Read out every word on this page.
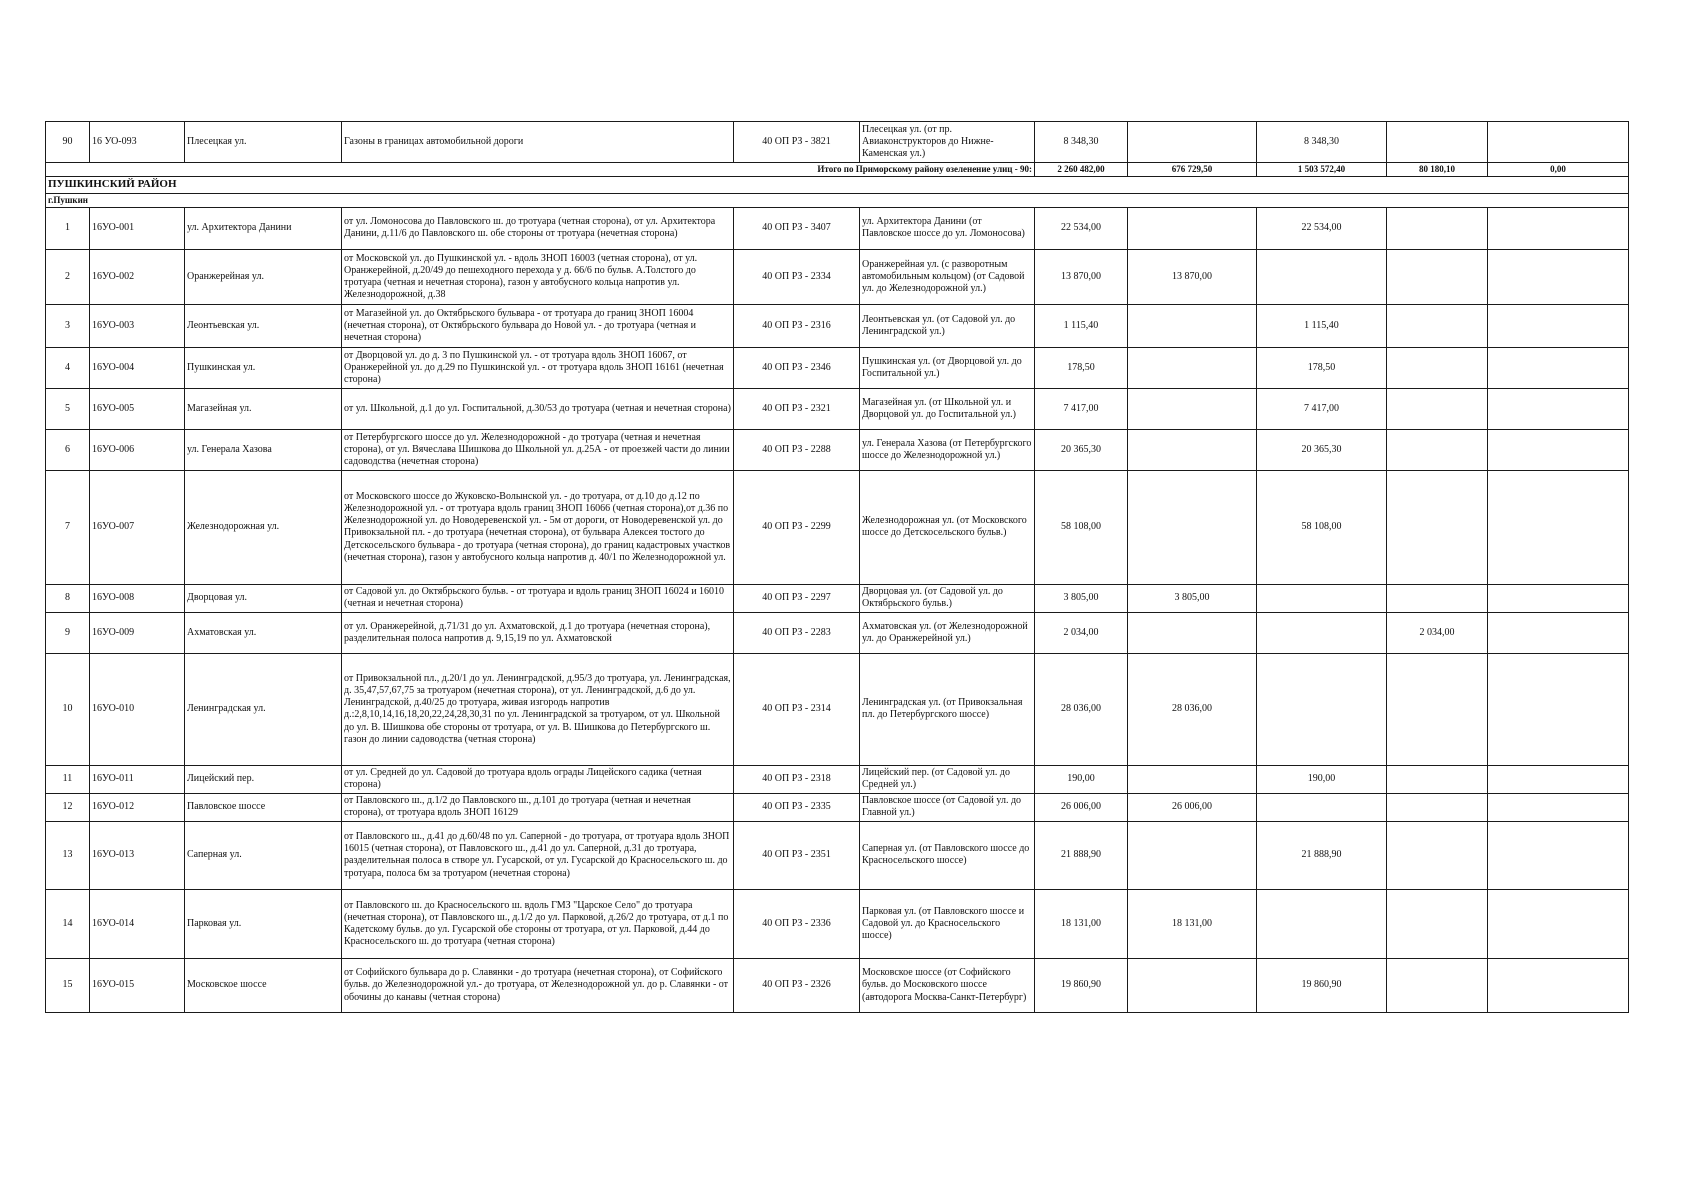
90	16 УО-093	Плесецкая ул.	Газоны в границах автомобильной дороги	40 ОП РЗ - 3821	Плесецкая ул. (от пр. Авиаконструкторов до Нижне-Каменская ул.)	8 348,30		8 348,30		
Итого по Приморскому району озеленение улиц - 90:						2 260 482,00	676 729,50	1 503 572,40	80 180,10	0,00
ПУШКИНСКИЙ РАЙОН										
г.Пушкин										
1	16УО-001	ул. Архитектора Данини	от ул. Ломоносова до Павловского ш. до тротуара (четная сторона), от ул. Архитектора Данини, д.11/6 до Павловского ш. обе стороны от тротуара (нечетная сторона)	40 ОП РЗ - 3407	ул. Архитектора Данини (от Павловское шоссе до ул. Ломоносова)	22 534,00		22 534,00		
2	16УО-002	Оранжерейная ул.	от Московской ул. до Пушкинской ул. - вдоль ЗНОП 16003 (четная сторона), от ул. Оранжерейной, д.20/49 до пешеходного перехода у д. 66/6 по бульв. А.Толстого до тротуара (четная и нечетная сторона), газон у автобусного кольца напротив ул. Железнодорожной, д.38	40 ОП РЗ - 2334	Оранжерейная ул. (с разворотным автомобильным кольцом) (от Садовой ул. до Железнодорожной ул.)	13 870,00	13 870,00			
3	16УО-003	Леонтьевская ул.	от Магазейной ул. до Октябрьского бульвара - от тротуара до границ ЗНОП 16004 (нечетная сторона), от Октябрьского бульвара до Новой ул. - до тротуара (четная и нечетная сторона)	40 ОП РЗ - 2316	Леонтьевская ул. (от Садовой ул. до Ленинградской ул.)	1 115,40		1 115,40		
4	16УО-004	Пушкинская ул.	от Дворцовой ул. до д. 3 по Пушкинской ул. - от тротуара вдоль ЗНОП 16067, от Оранжерейной ул. до д.29 по Пушкинской ул. - от тротуара вдоль ЗНОП 16161 (нечетная сторона)	40 ОП РЗ - 2346	Пушкинская ул. (от Дворцовой ул. до Госпитальной ул.)	178,50		178,50		
5	16УО-005	Магазейная ул.	от ул. Школьной, д.1 до ул. Госпитальной, д.30/53 до тротуара (четная и нечетная сторона)	40 ОП РЗ - 2321	Магазейная ул. (от Школьной ул. и Дворцовой ул. до Госпитальной ул.)	7 417,00		7 417,00		
6	16УО-006	ул. Генерала Хазова	от Петербургского шоссе до ул. Железнодорожной - до тротуара (четная и нечетная сторона), от ул. Вячеслава Шишкова до Школьной ул. д.25А - от проезжей части до линии садоводства (нечетная сторона)	40 ОП РЗ - 2288	ул. Генерала Хазова (от Петербургского шоссе до Железнодорожной ул.)	20 365,30		20 365,30		
7	16УО-007	Железнодорожная ул.	от Московского шоссе до Жуковско-Волынской ул. - до тротуара, от д.10 до д.12 по Железнодорожной ул. - от тротуара вдоль границ ЗНОП 16066 (четная сторона),от д.36 по Железнодорожной ул. до Новодеревенской ул. - 5м от дороги, от Новодеревенской ул. до Привокзальной пл. - до тротуара (нечетная сторона), от бульвара Алексея тостого до Детскосельского бульвара - до тротуара (четная сторона), до границ кадастровых участков (нечетная сторона), газон у автобусного кольца напротив д. 40/1 по Железнодорожной ул.	40 ОП РЗ - 2299	Железнодорожная ул. (от Московского шоссе до Детскосельского бульв.)	58 108,00		58 108,00		
8	16УО-008	Дворцовая ул.	от Садовой ул. до Октябрьского бульв. - от тротуара и вдоль границ ЗНОП 16024 и 16010 (четная и нечетная сторона)	40 ОП РЗ - 2297	Дворцовая ул. (от Садовой ул. до Октябрьского бульв.)	3 805,00	3 805,00			
9	16УО-009	Ахматовская ул.	от ул. Оранжерейной, д.71/31 до ул. Ахматовской, д.1 до тротуара (нечетная сторона), разделительная полоса напротив д. 9,15,19 по ул. Ахматовской	40 ОП РЗ - 2283	Ахматовская ул. (от Железнодорожной ул. до Оранжерейной ул.)	2 034,00			2 034,00	
10	16УО-010	Ленинградская ул.	от Привокзальной пл., д.20/1 до ул. Ленинградской, д.95/3 до тротуара, ул. Ленинградская, д. 35,47,57,67,75 за тротуаром (нечетная сторона), от ул. Ленинградской, д.6 до ул. Ленинградской, д.40/25 до тротуара, живая изгородь напротив д.:2,8,10,14,16,18,20,22,24,28,30,31 по ул. Ленинградской за тротуаром, от ул. Школьной до ул. В. Шишкова обе стороны от тротуара, от ул. В. Шишкова до Петербургского ш. газон до линии садоводства (четная сторона)	40 ОП РЗ - 2314	Ленинградская ул. (от Привокзальная пл. до Петербургского шоссе)	28 036,00	28 036,00			
11	16УО-011	Лицейский пер.	от ул. Средней до ул. Садовой до тротуара вдоль ограды Лицейского садика (четная сторона)	40 ОП РЗ - 2318	Лицейский пер. (от Садовой ул. до Средней ул.)	190,00		190,00		
12	16УО-012	Павловское шоссе	от Павловского ш., д.1/2 до Павловского ш., д.101 до тротуара (четная и нечетная сторона), от тротуара вдоль ЗНОП 16129	40 ОП РЗ - 2335	Павловское шоссе (от Садовой ул. до Главной ул.)	26 006,00	26 006,00			
13	16УО-013	Саперная ул.	от Павловского ш., д.41 до д.60/48 по ул. Саперной - до тротуара, от тротуара вдоль ЗНОП 16015 (четная сторона), от Павловского ш., д.41 до ул. Саперной, д.31 до тротуара, разделительная полоса в створе ул. Гусарской, от ул. Гусарской до Красносельского ш. до тротуара, полоса 6м за тротуаром (нечетная сторона)	40 ОП РЗ - 2351	Саперная ул. (от Павловского шоссе до Красносельского шоссе)	21 888,90		21 888,90		
14	16УО-014	Парковая ул.	от Павловского ш. до Красносельского ш. вдоль ГМЗ "Царское Село" до тротуара (нечетная сторона), от Павловского ш., д.1/2 до ул. Парковой, д.26/2 до тротуара, от д.1 по Кадетскому бульв. до ул. Гусарской обе стороны от тротуара, от ул. Парковой, д.44 до Красносельского ш. до тротуара (четная сторона)	40 ОП РЗ - 2336	Парковая ул. (от Павловского шоссе и Садовой ул. до Красносельского шоссе)	18 131,00	18 131,00			
15	16УО-015	Московское шоссе	от Софийского бульвара до р. Славянки - до тротуара (нечетная сторона), от Софийского бульв. до Железнодорожной ул.- до тротуара, от Железнодорожной ул. до р. Славянки - от обочины до канавы (четная сторона)	40 ОП РЗ - 2326	Московское шоссе (от Софийского бульв. до Московского шоссе (автодорога Москва-Санкт-Петербург)	19 860,90		19 860,90		
